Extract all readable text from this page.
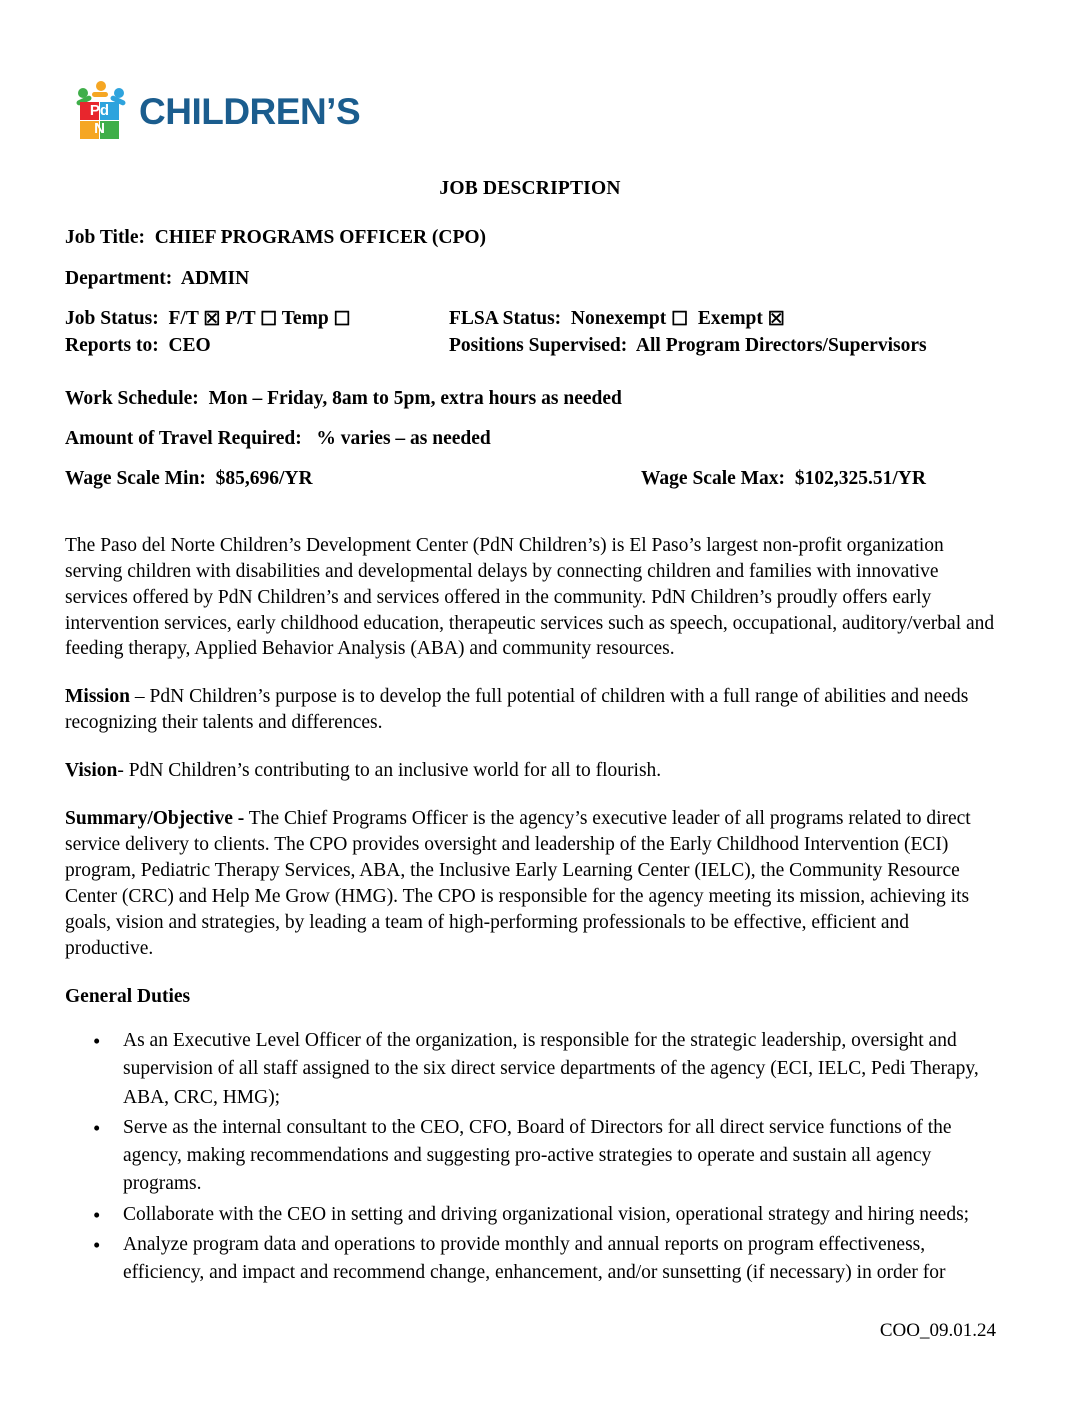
Pd
N CHILDREN’S
JOB DESCRIPTION
Job Title: CHIEF PROGRAMS OFFICER (CPO)
Department: ADMIN
Job Status: F/T ☒ P/T ☐ Temp ☐	FLSA Status: Nonexempt ☐ Exempt ☒
Reports to: CEO	Positions Supervised: All Program Directors/Supervisors
Work Schedule: Mon – Friday, 8am to 5pm, extra hours as needed
Amount of Travel Required: % varies – as needed
Wage Scale Min: $85,696/YR	Wage Scale Max: $102,325.51/YR

The Paso del Norte Children’s Development Center (PdN Children’s) is El Paso’s largest non-profit organization serving children with disabilities and developmental delays by connecting children and families with innovative services offered by PdN Children’s and services offered in the community. PdN Children’s proudly offers early intervention services, early childhood education, therapeutic services such as speech, occupational, auditory/verbal and feeding therapy, Applied Behavior Analysis (ABA) and community resources.

Mission – PdN Children’s purpose is to develop the full potential of children with a full range of abilities and needs recognizing their talents and differences.

Vision- PdN Children’s contributing to an inclusive world for all to flourish.

Summary/Objective - The Chief Programs Officer is the agency’s executive leader of all programs related to direct service delivery to clients. The CPO provides oversight and leadership of the Early Childhood Intervention (ECI) program, Pediatric Therapy Services, ABA, the Inclusive Early Learning Center (IELC), the Community Resource Center (CRC) and Help Me Grow (HMG). The CPO is responsible for the agency meeting its mission, achieving its goals, vision and strategies, by leading a team of high-performing professionals to be effective, efficient and productive.

General Duties
• As an Executive Level Officer of the organization, is responsible for the strategic leadership, oversight and supervision of all staff assigned to the six direct service departments of the agency (ECI, IELC, Pedi Therapy, ABA, CRC, HMG);
• Serve as the internal consultant to the CEO, CFO, Board of Directors for all direct service functions of the agency, making recommendations and suggesting pro-active strategies to operate and sustain all agency programs.
• Collaborate with the CEO in setting and driving organizational vision, operational strategy and hiring needs;
• Analyze program data and operations to provide monthly and annual reports on program effectiveness, efficiency, and impact and recommend change, enhancement, and/or sunsetting (if necessary) in order for
COO_09.01.24
